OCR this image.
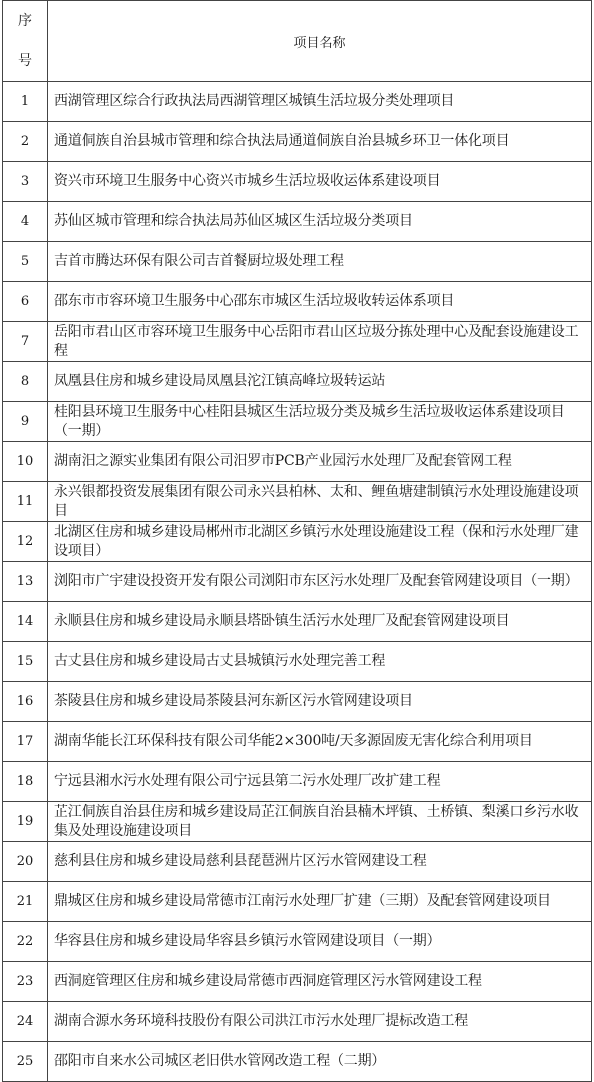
序
号	项目名称
1	西湖管理区综合行政执法局西湖管理区城镇生活垃圾分类处理项目
2	通道侗族自治县城市管理和综合执法局通道侗族自治县城乡环卫一体化项目
3	资兴市环境卫生服务中心资兴市城乡生活垃圾收运体系建设项目
4	苏仙区城市管理和综合执法局苏仙区城区生活垃圾分类项目
5	吉首市腾达环保有限公司吉首餐厨垃圾处理工程
6	邵东市市容环境卫生服务中心邵东市城区生活垃圾收转运体系项目
7	岳阳市君山区市容环境卫生服务中心岳阳市君山区垃圾分拣处理中心及配套设施建设工程
8	凤凰县住房和城乡建设局凤凰县沱江镇高峰垃圾转运站
9	桂阳县环境卫生服务中心桂阳县城区生活垃圾分类及城乡生活垃圾收运体系建设项目（一期）
10	湖南汨之源实业集团有限公司汨罗市PCB产业园污水处理厂及配套管网工程
11	永兴银都投资发展集团有限公司永兴县柏林、太和、鲤鱼塘建制镇污水处理设施建设项目
12	北湖区住房和城乡建设局郴州市北湖区乡镇污水处理设施建设工程（保和污水处理厂建设项目）
13	浏阳市广宇建设投资开发有限公司浏阳市东区污水处理厂及配套管网建设项目（一期）
14	永顺县住房和城乡建设局永顺县塔卧镇生活污水处理厂及配套管网建设项目
15	古丈县住房和城乡建设局古丈县城镇污水处理完善工程
16	茶陵县住房和城乡建设局茶陵县河东新区污水管网建设项目
17	湖南华能长江环保科技有限公司华能2×300吨/天多源固废无害化综合利用项目
18	宁远县湘水污水处理有限公司宁远县第二污水处理厂改扩建工程
19	芷江侗族自治县住房和城乡建设局芷江侗族自治县楠木坪镇、土桥镇、梨溪口乡污水收集及处理设施建设项目
20	慈利县住房和城乡建设局慈利县琵琶洲片区污水管网建设工程
21	鼎城区住房和城乡建设局常德市江南污水处理厂扩建（三期）及配套管网建设项目
22	华容县住房和城乡建设局华容县乡镇污水管网建设项目（一期）
23	西洞庭管理区住房和城乡建设局常德市西洞庭管理区污水管网建设工程
24	湖南合源水务环境科技股份有限公司洪江市污水处理厂提标改造工程
25	邵阳市自来水公司城区老旧供水管网改造工程（二期）
